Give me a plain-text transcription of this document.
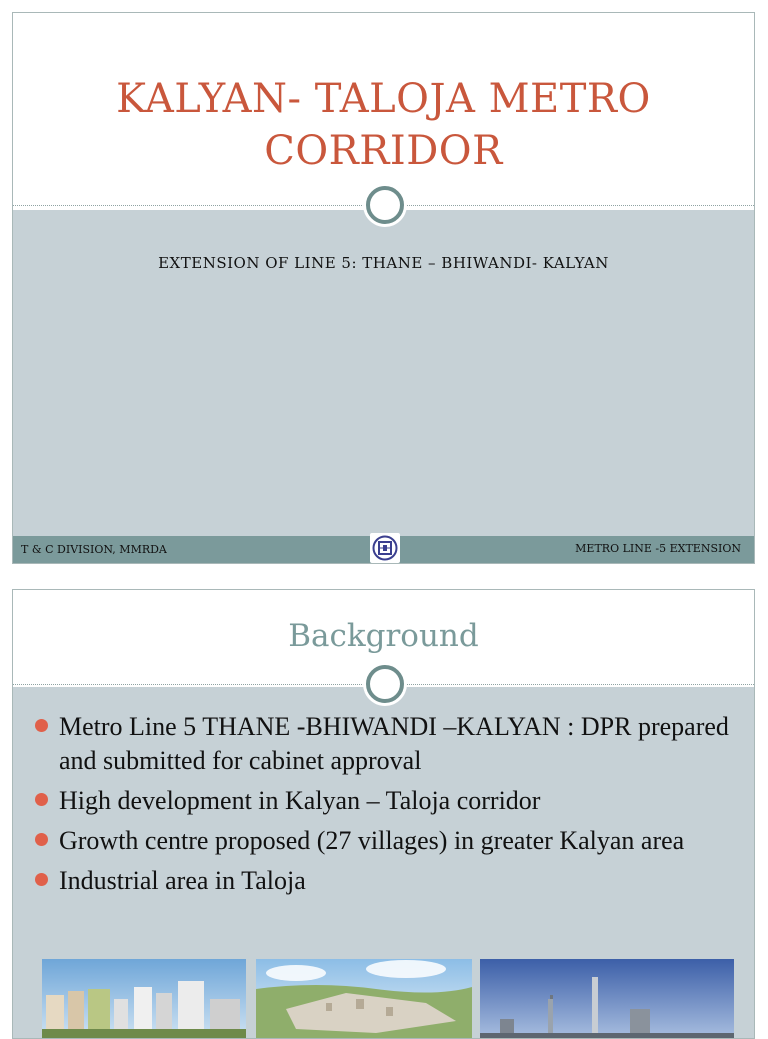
KALYAN- TALOJA METRO CORRIDOR
EXTENSION OF LINE 5: THANE – BHIWANDI- KALYAN
T & C DIVISION, MMRDA	METRO LINE -5 EXTENSION
Background
Metro Line 5 THANE -BHIWANDI –KALYAN : DPR prepared and submitted for cabinet approval
High development in Kalyan – Taloja corridor
Growth centre proposed (27 villages) in greater Kalyan area
Industrial area in Taloja
